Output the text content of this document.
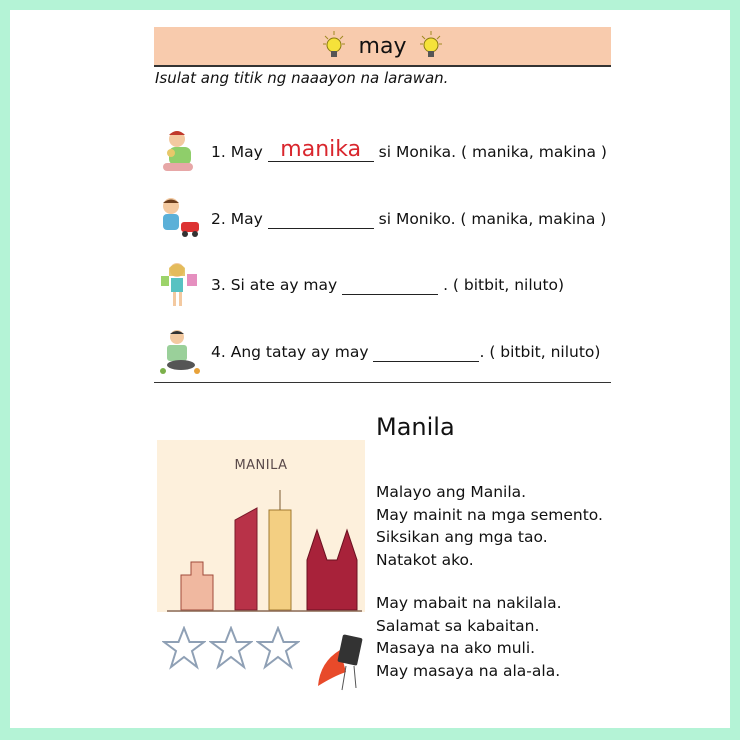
may
Isulat ang titik ng naaayon na larawan.
1. May
manika
	si Monika. ( manika, makina )
2. May

	si Moniko. ( manika, makina )
3. Si ate ay may

	. ( bitbit, niluto)
4. Ang tatay ay may
	. ( bitbit, niluto)
MANILA
Manila
Malayo ang Manila.
May mainit na mga semento.
Siksikan ang mga tao.
Natakot ako.
May mabait na nakilala.
Salamat sa kabaitan.
Masaya na ako muli.
May masaya na ala-ala.
